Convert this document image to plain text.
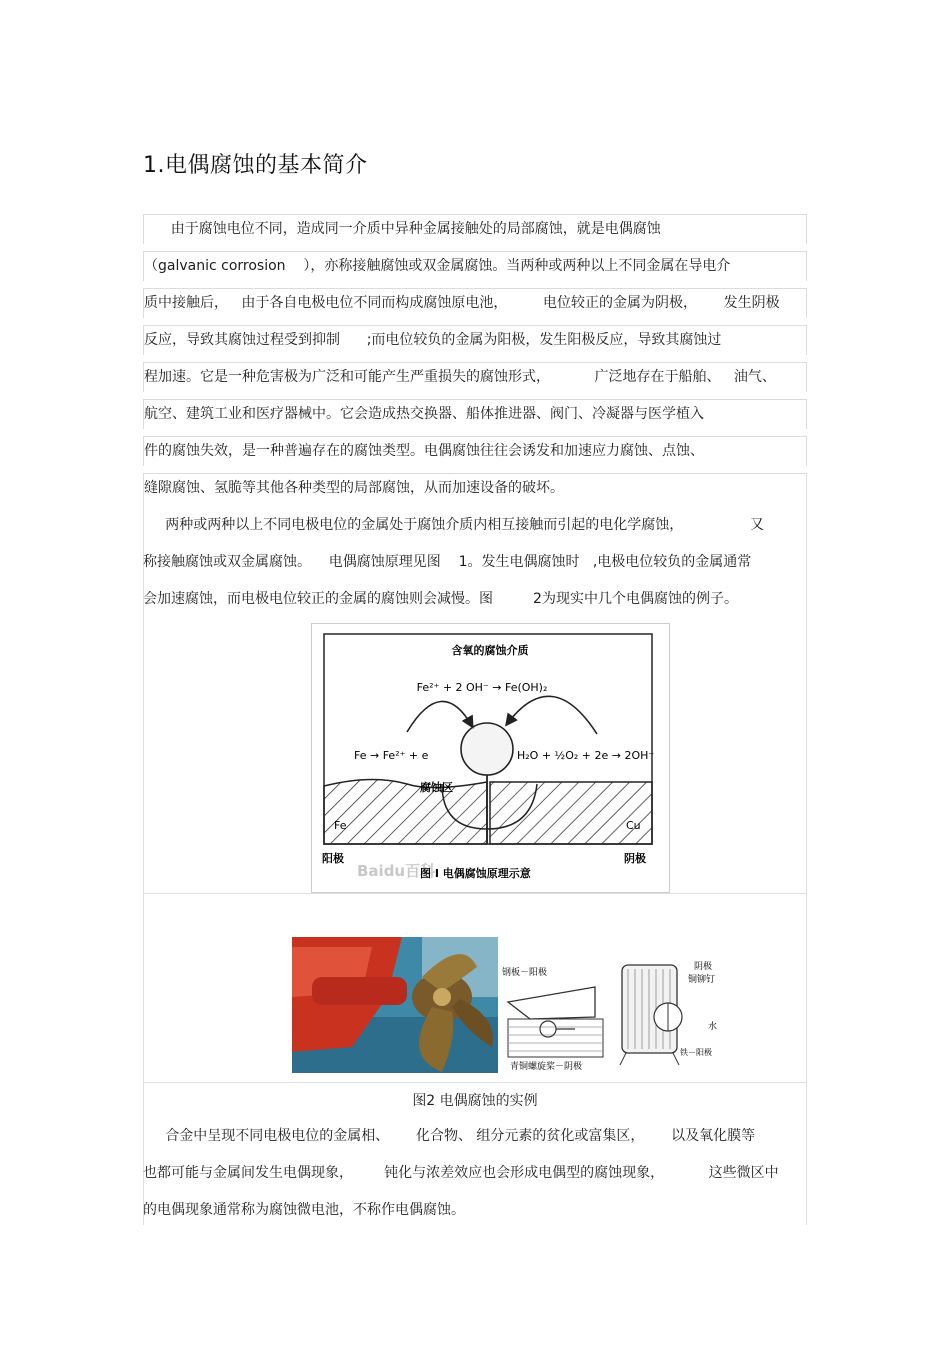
1.电偶腐蚀的基本简介
由于腐蚀电位不同，造成同一介质中异种金属接触处的局部腐蚀，就是电偶腐蚀
（galvanic corrosion    ），亦称接触腐蚀或双金属腐蚀。当两种或两种以上不同金属在导电介
质中接触后，   由于各自电极电位不同而构成腐蚀原电池，        电位较正的金属为阴极，      发生阴极
反应，导致其腐蚀过程受到抑制      ;而电位较负的金属为阳极，发生阳极反应，导致其腐蚀过
程加速。它是一种危害极为广泛和可能产生严重损失的腐蚀形式，          广泛地存在于船舶、   油气、
航空、建筑工业和医疗器械中。它会造成热交换器、船体推进器、阀门、冷凝器与医学植入
件的腐蚀失效，是一种普遍存在的腐蚀类型。电偶腐蚀往往会诱发和加速应力腐蚀、点蚀、
缝隙腐蚀、氢脆等其他各种类型的局部腐蚀，从而加速设备的破坏。
两种或两种以上不同电极电位的金属处于腐蚀介质内相互接触而引起的电化学腐蚀，               又
称接触腐蚀或双金属腐蚀。    电偶腐蚀原理见图    1。发生电偶腐蚀时   ,电极电位较负的金属通常
会加速腐蚀，而电极电位较正的金属的腐蚀则会减慢。图         2为现实中几个电偶腐蚀的例子。
含氧的腐蚀介质
Fe²⁺ + 2 OH⁻ → Fe(OH)₂
Fe → Fe²⁺ + e	H₂O + ½O₂ + 2e → 2OH⁻
腐蚀区
Fe	Cu
阳极	阴极
Baidu百科
图 I 电偶腐蚀原理示意
钢板－阳极
青铜螺旋桨－阴极
阴极
铜铆钉
水
铁－阳极
图2 电偶腐蚀的实例
合金中呈现不同电极电位的金属相、      化合物、 组分元素的贫化或富集区，      以及氧化膜等
也都可能与金属间发生电偶现象，       钝化与浓差效应也会形成电偶型的腐蚀现象，          这些微区中
的电偶现象通常称为腐蚀微电池，不称作电偶腐蚀。
